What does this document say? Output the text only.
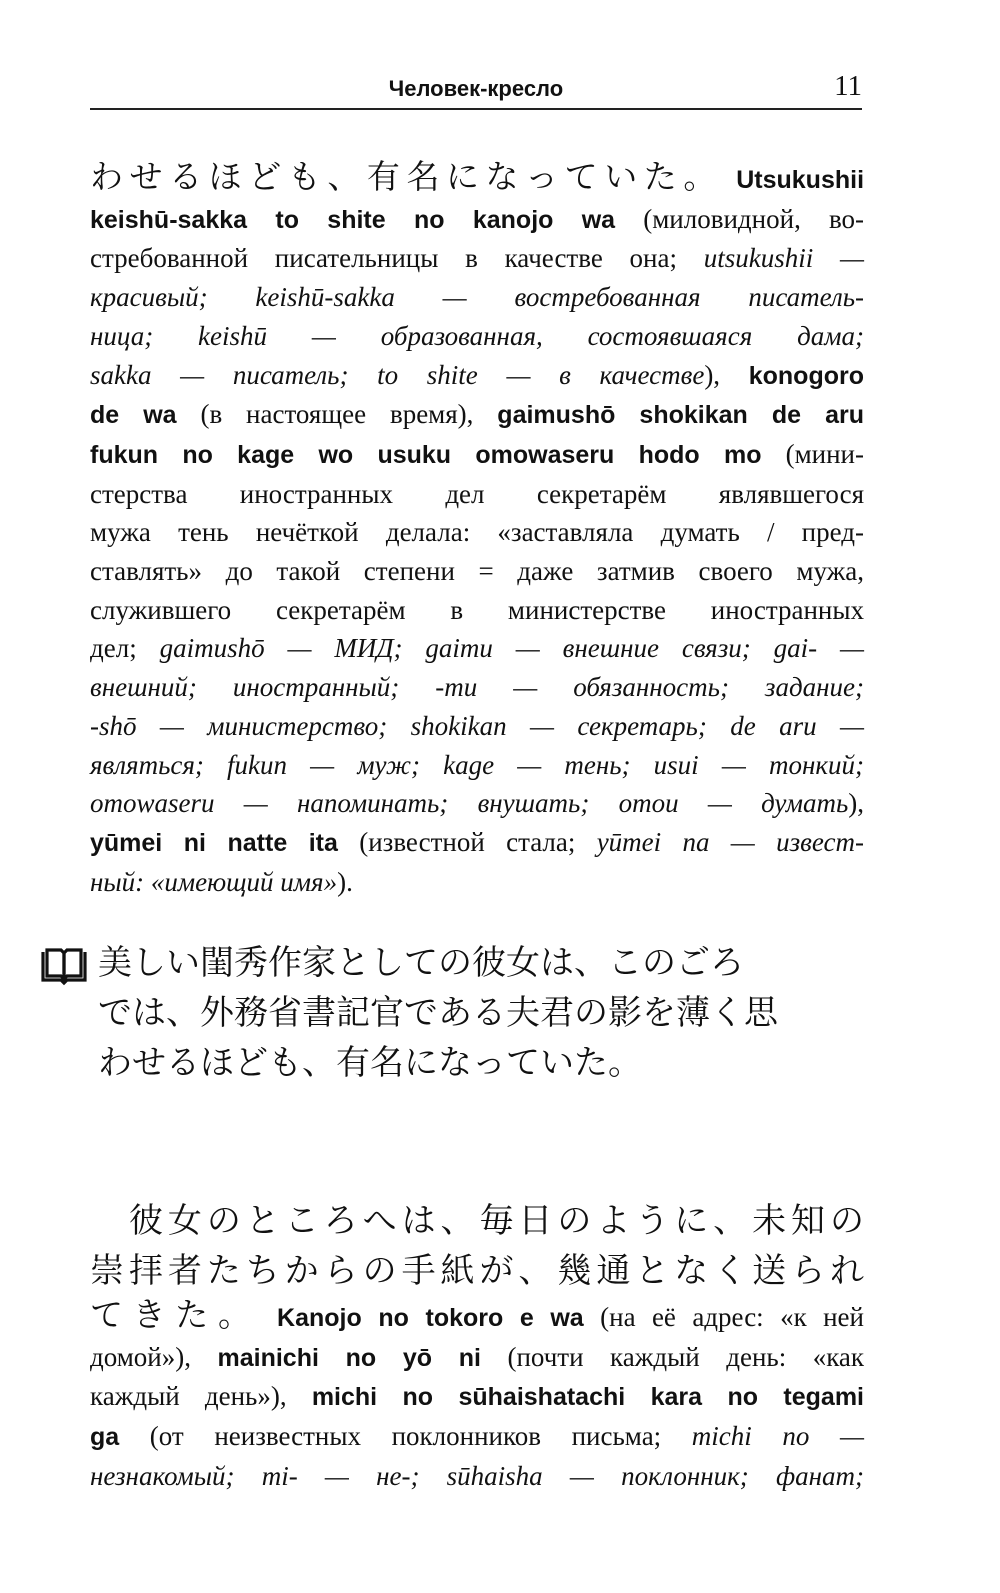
Человек-кресло	11
わせるほども、有名になっていた。 Utsukushii
keishū-sakka to shite no kanojo wa (миловидной, во-
стребованной писательницы в качестве она; utsukushii —
красивый; keishū-sakka — востребованная писатель-
ница; keishū — образованная, состоявшаяся дама;
sakka — писатель; to shite — в качестве), konogoro
de wa (в настоящее время), gaimushō shokikan de aru
fukun no kage wo usuku omowaseru hodo mo (мини-
стерства иностранных дел секретарём являвшегося
мужа тень нечёткой делала: «заставляла думать / пред-
ставлять» до такой степени = даже затмив своего мужа,
служившего секретарём в министерстве иностранных
дел; gaimushō — МИД; gaimu — внешние связи; gai- —
внешний; иностранный; -mu — обязанность; задание;
-shō — министерство; shokikan — секретарь; de aru —
являться; fukun — муж; kage — тень; usui — тонкий;
omowaseru — напоминать; внушать; omou — думать),
yūmei ni natte ita (известной стала; yūmei na — извест-
ный: «имеющий имя»).
美しい閨秀作家としての彼女は、このごろ
では、外務省書記官である夫君の影を薄く思
わせるほども、有名になっていた。
　彼女のところへは、毎日のように、未知の
崇拝者たちからの手紙が、幾通となく送られ
てきた。 Kanojo no tokoro e wa (на её адрес: «к ней
домой»), mainichi no yō ni (почти каждый день: «как
каждый день»), michi no sūhaishatachi kara no tegami
ga (от неизвестных поклонников письма; michi no —
незнакомый; mi- — не-; sūhaisha — поклонник; фанат;
